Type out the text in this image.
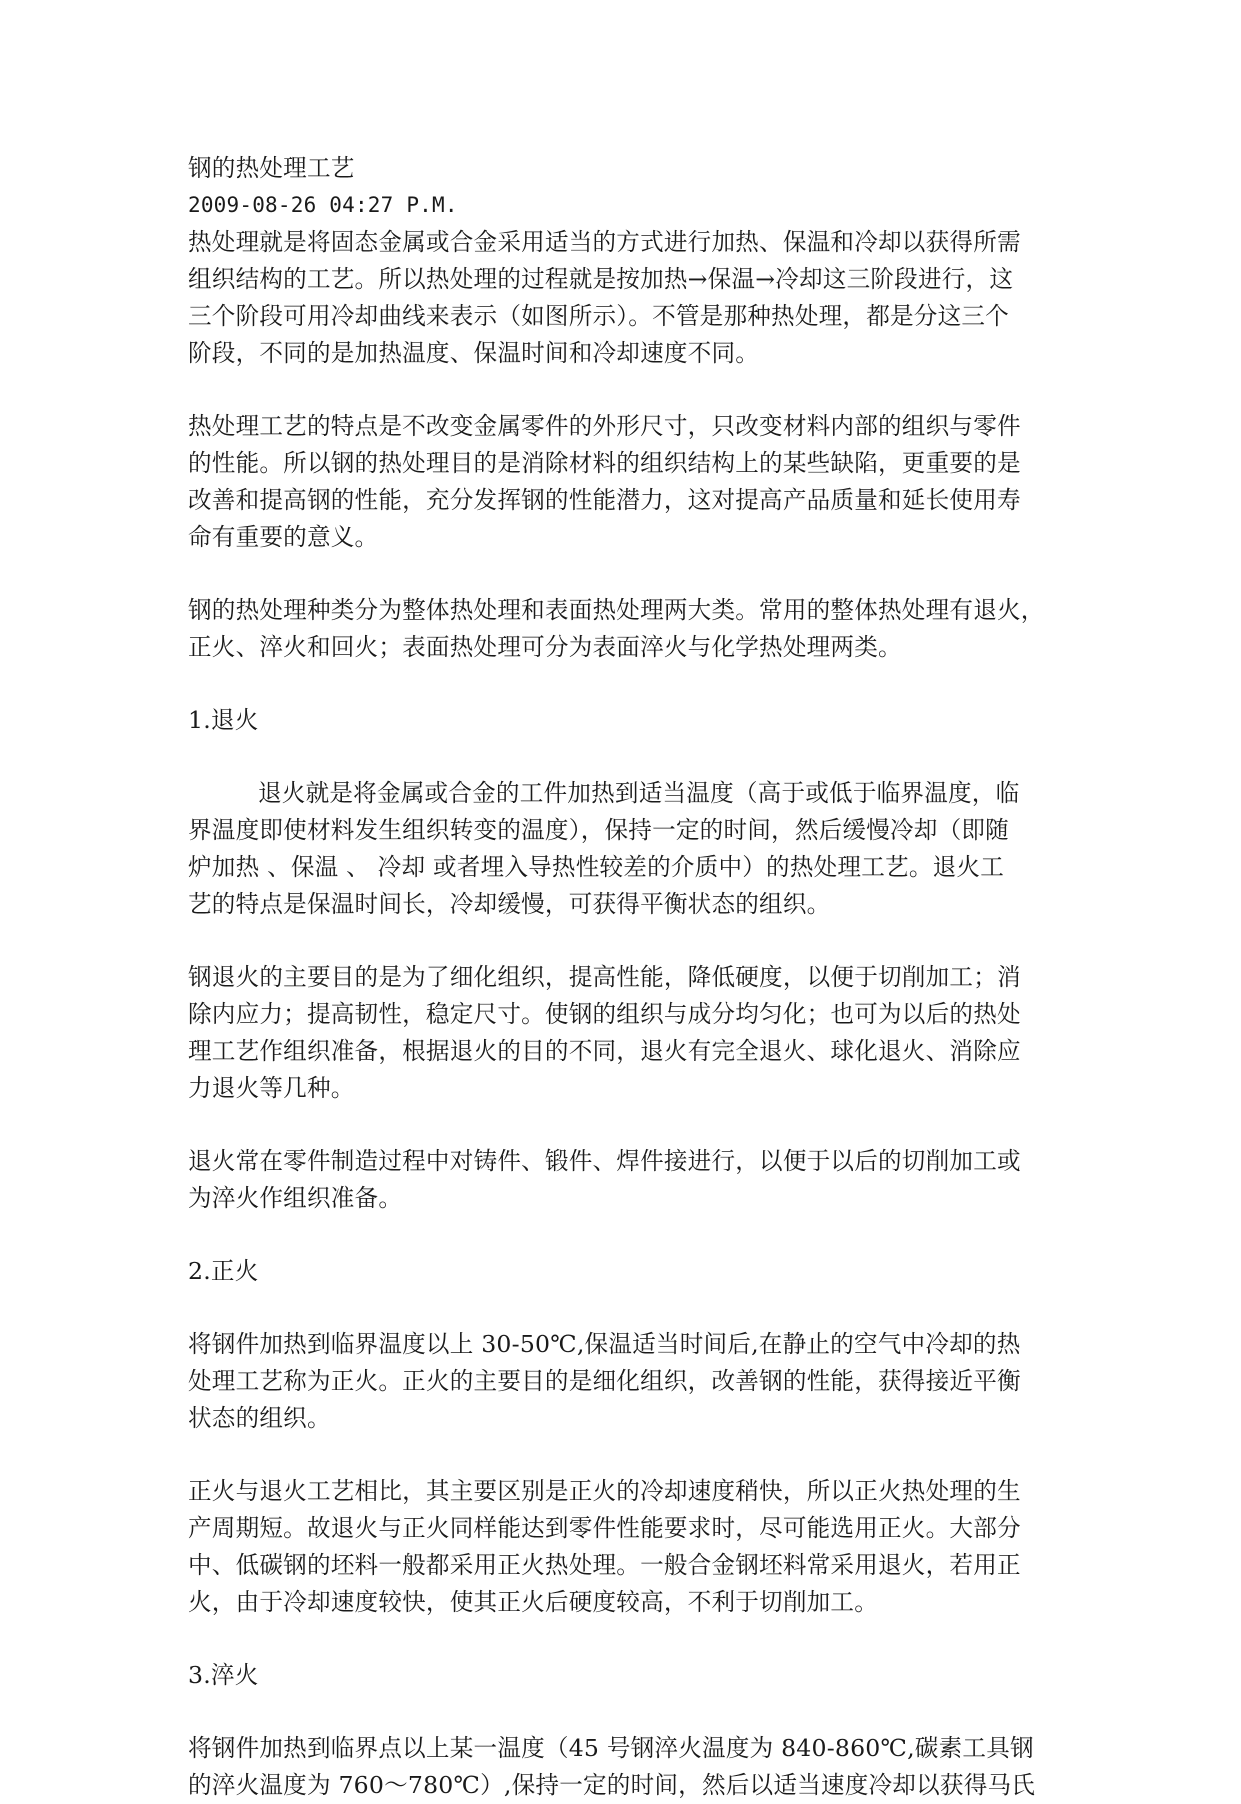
钢的热处理工艺
2009-08-26 04:27 P.M.
热处理就是将固态金属或合金采用适当的方式进行加热、保温和冷却以获得所需
组织结构的工艺。所以热处理的过程就是按加热→保温→冷却这三阶段进行，这
三个阶段可用冷却曲线来表示（如图所示）。不管是那种热处理，都是分这三个
阶段，不同的是加热温度、保温时间和冷却速度不同。
热处理工艺的特点是不改变金属零件的外形尺寸，只改变材料内部的组织与零件
的性能。所以钢的热处理目的是消除材料的组织结构上的某些缺陷，更重要的是
改善和提高钢的性能，充分发挥钢的性能潜力，这对提高产品质量和延长使用寿
命有重要的意义。
钢的热处理种类分为整体热处理和表面热处理两大类。常用的整体热处理有退火，
正火、淬火和回火；表面热处理可分为表面淬火与化学热处理两类。
1.退火
退火就是将金属或合金的工件加热到适当温度（高于或低于临界温度，临
界温度即使材料发生组织转变的温度），保持一定的时间，然后缓慢冷却（即随
炉加热 、保温 、 冷却 或者埋入导热性较差的介质中）的热处理工艺。退火工
艺的特点是保温时间长，冷却缓慢，可获得平衡状态的组织。
钢退火的主要目的是为了细化组织，提高性能，降低硬度，以便于切削加工；消
除内应力；提高韧性，稳定尺寸。使钢的组织与成分均匀化；也可为以后的热处
理工艺作组织准备，根据退火的目的不同，退火有完全退火、球化退火、消除应
力退火等几种。
退火常在零件制造过程中对铸件、锻件、焊件接进行，以便于以后的切削加工或
为淬火作组织准备。
2.正火
将钢件加热到临界温度以上 30-50℃,保温适当时间后,在静止的空气中冷却的热
处理工艺称为正火。正火的主要目的是细化组织，改善钢的性能，获得接近平衡
状态的组织。
正火与退火工艺相比，其主要区别是正火的冷却速度稍快，所以正火热处理的生
产周期短。故退火与正火同样能达到零件性能要求时，尽可能选用正火。大部分
中、低碳钢的坯料一般都采用正火热处理。一般合金钢坯料常采用退火，若用正
火，由于冷却速度较快，使其正火后硬度较高，不利于切削加工。
3.淬火
将钢件加热到临界点以上某一温度（45 号钢淬火温度为 840-860℃,碳素工具钢
的淬火温度为 760～780℃）,保持一定的时间，然后以适当速度冷却以获得马氏
